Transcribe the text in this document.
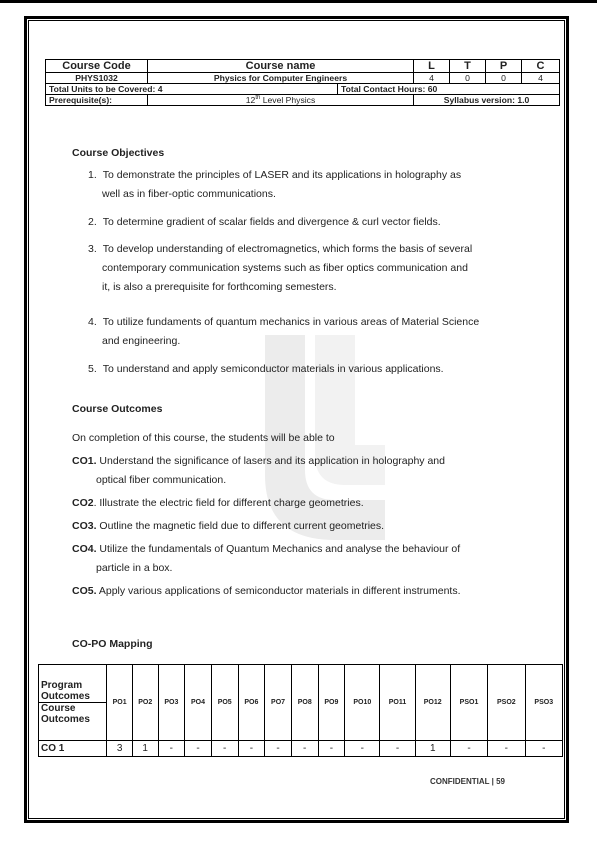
Course Code	Course name		L	T	P	C
PHYS1032	Physics for Computer Engineers		4	0	0	4
Total Units to be Covered: 4		Total Contact Hours: 60				
Prerequisite(s):	12th Level Physics		Syllabus version: 1.0			
Course Objectives
1. To demonstrate the principles of LASER and its applications in holography as
well as in fiber-optic communications.
2. To determine gradient of scalar fields and divergence & curl vector fields.
3. To develop understanding of electromagnetics, which forms the basis of several
contemporary communication systems such as fiber optics communication and
it, is also a prerequisite for forthcoming semesters.
4. To utilize fundaments of quantum mechanics in various areas of Material Science
and engineering.
5. To understand and apply semiconductor materials in various applications.
Course Outcomes
On completion of this course, the students will be able to
CO1. Understand the significance of lasers and its application in holography and
optical fiber communication.
CO2. Illustrate the electric field for different charge geometries.
CO3. Outline the magnetic field due to different current geometries.
CO4. Utilize the fundamentals of Quantum Mechanics and analyse the behaviour of
particle in a box.
CO5. Apply various applications of semiconductor materials in different instruments.
CO-PO Mapping
Program Outcomes
Course Outcomes	PO1	PO2	PO3	PO4	PO5	PO6	PO7	PO8	PO9	PO10	PO11	PO12	PSO1	PSO2	PSO3
CO 1	3	1	-	-	-	-	-	-	-	-	-	1	-	-	-
CONFIDENTIAL | 59
